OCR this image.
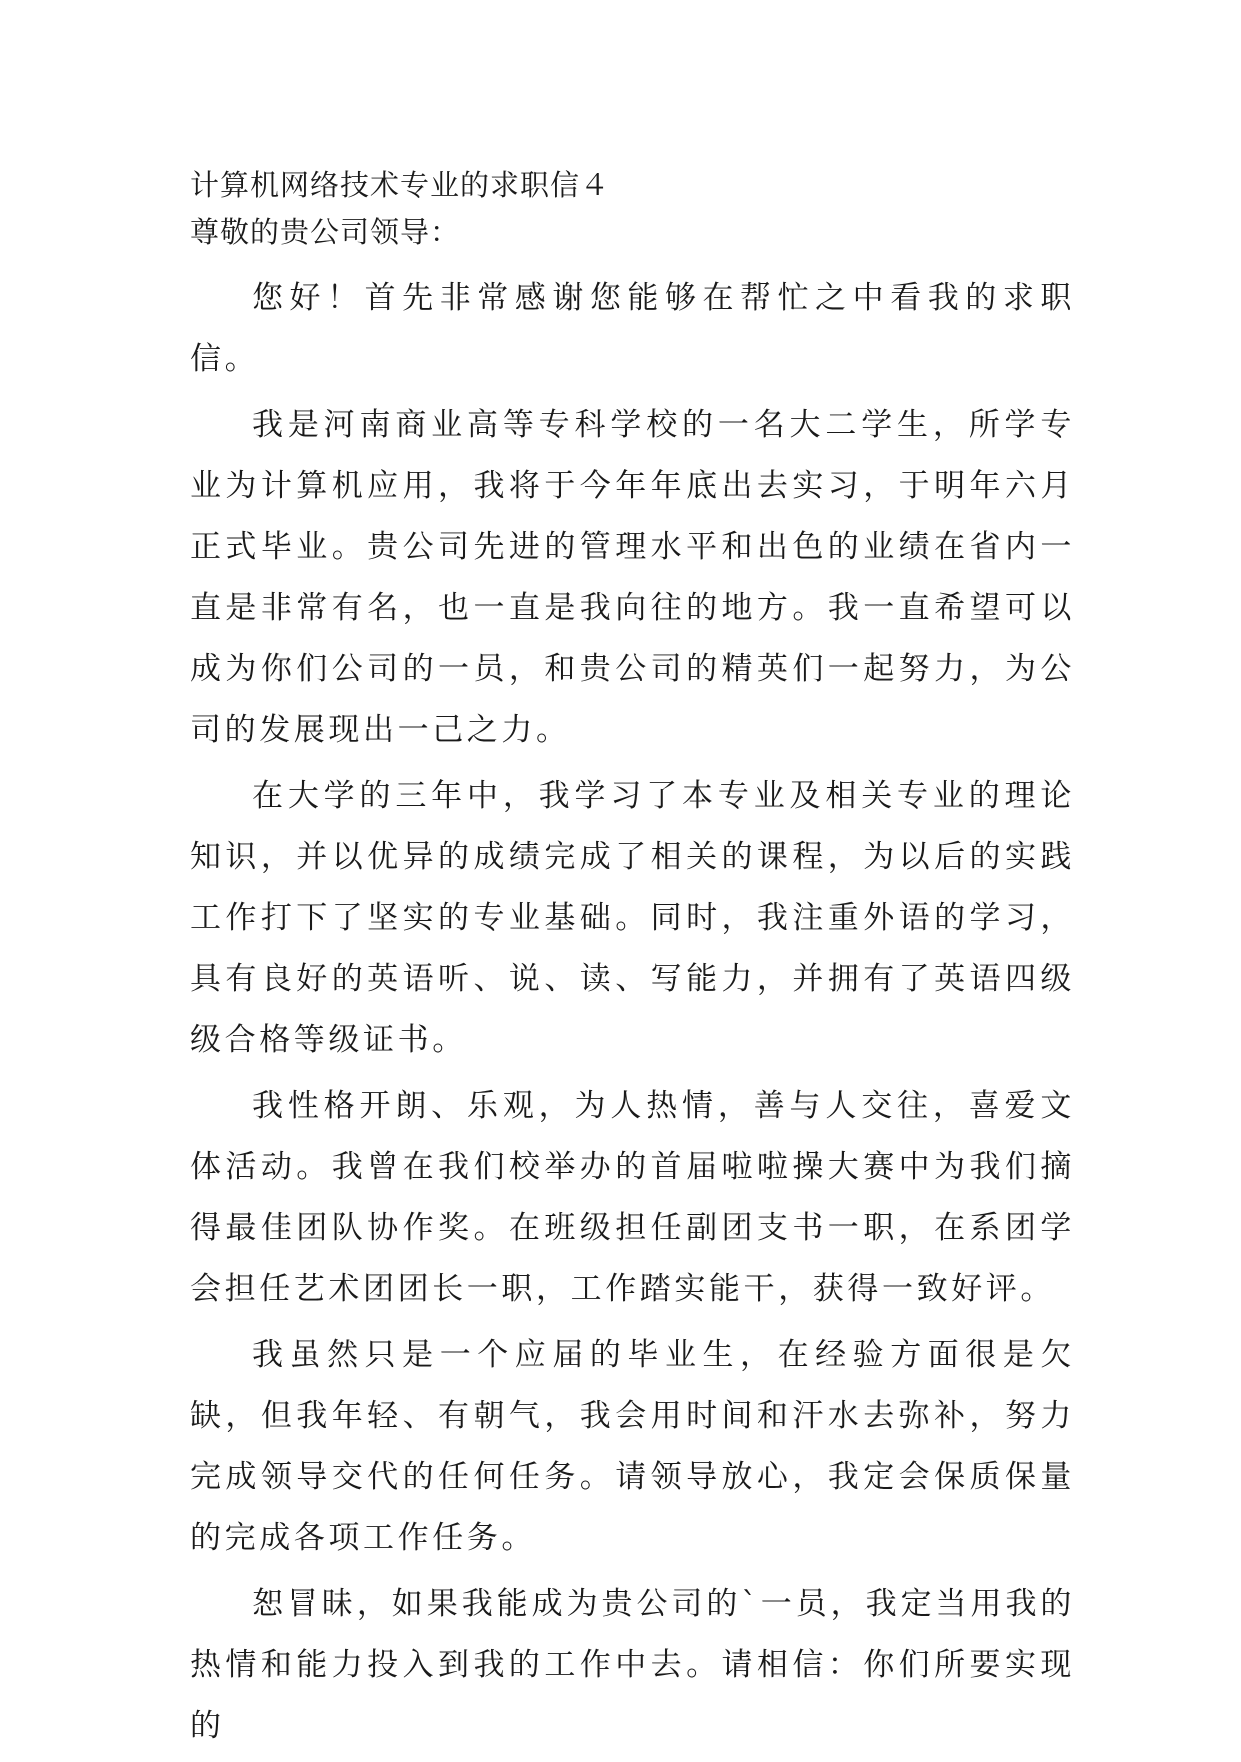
计算机网络技术专业的求职信４
尊敬的贵公司领导：

您好！首先非常感谢您能够在帮忙之中看我的求职信。

我是河南商业高等专科学校的一名大二学生，所学专业为计算机应用，我将于今年年底出去实习，于明年六月正式毕业。贵公司先进的管理水平和出色的业绩在省内一直是非常有名，也一直是我向往的地方。我一直希望可以成为你们公司的一员，和贵公司的精英们一起努力，为公司的发展现出一己之力。

在大学的三年中，我学习了本专业及相关专业的理论知识，并以优异的成绩完成了相关的课程，为以后的实践工作打下了坚实的专业基础。同时，我注重外语的学习，具有良好的英语听、说、读、写能力，并拥有了英语四级级合格等级证书。

我性格开朗、乐观，为人热情，善与人交往，喜爱文体活动。我曾在我们校举办的首届啦啦操大赛中为我们摘得最佳团队协作奖。在班级担任副团支书一职，在系团学会担任艺术团团长一职，工作踏实能干，获得一致好评。

我虽然只是一个应届的毕业生，在经验方面很是欠缺，但我年轻、有朝气，我会用时间和汗水去弥补，努力完成领导交代的任何任务。请领导放心，我定会保质保量的完成各项工作任务。

恕冒昧，如果我能成为贵公司的`一员，我定当用我的热情和能力投入到我的工作中去。请相信：你们所要实现的
